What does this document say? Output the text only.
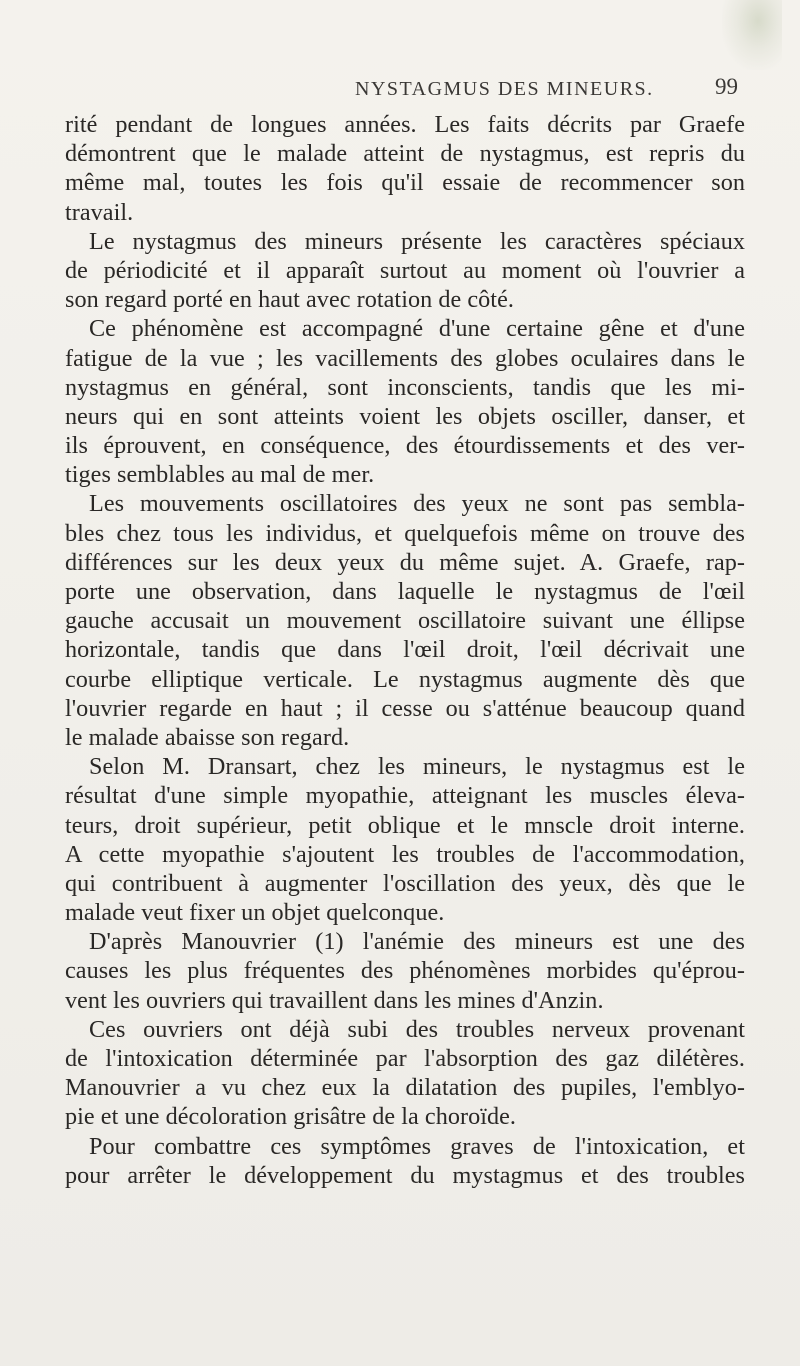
NYSTAGMUS DES MINEURS.	99
rité pendant de longues années. Les faits décrits par Graefe
démontrent que le malade atteint de nystagmus, est repris du
même mal, toutes les fois qu'il essaie de recommencer son
travail.
Le nystagmus des mineurs présente les caractères spéciaux
de périodicité et il apparaît surtout au moment où l'ouvrier a
son regard porté en haut avec rotation de côté.
Ce phénomène est accompagné d'une certaine gêne et d'une
fatigue de la vue ; les vacillements des globes oculaires dans le
nystagmus en général, sont inconscients, tandis que les mi-
neurs qui en sont atteints voient les objets osciller, danser, et
ils éprouvent, en conséquence, des étourdissements et des ver-
tiges semblables au mal de mer.
Les mouvements oscillatoires des yeux ne sont pas sembla-
bles chez tous les individus, et quelquefois même on trouve des
différences sur les deux yeux du même sujet. A. Graefe, rap-
porte une observation, dans laquelle le nystagmus de l'œil
gauche accusait un mouvement oscillatoire suivant une éllipse
horizontale, tandis que dans l'œil droit, l'œil décrivait une
courbe elliptique verticale. Le nystagmus augmente dès que
l'ouvrier regarde en haut ; il cesse ou s'atténue beaucoup quand
le malade abaisse son regard.
Selon M. Dransart, chez les mineurs, le nystagmus est le
résultat d'une simple myopathie, atteignant les muscles éleva-
teurs, droit supérieur, petit oblique et le mnscle droit interne.
A cette myopathie s'ajoutent les troubles de l'accommodation,
qui contribuent à augmenter l'oscillation des yeux, dès que le
malade veut fixer un objet quelconque.
D'après Manouvrier (1) l'anémie des mineurs est une des
causes les plus fréquentes des phénomènes morbides qu'éprou-
vent les ouvriers qui travaillent dans les mines d'Anzin.
Ces ouvriers ont déjà subi des troubles nerveux provenant
de l'intoxication déterminée par l'absorption des gaz dilétères.
Manouvrier a vu chez eux la dilatation des pupiles, l'emblyo-
pie et une décoloration grisâtre de la choroïde.
Pour combattre ces symptômes graves de l'intoxication, et
pour arrêter le développement du mystagmus et des troubles
